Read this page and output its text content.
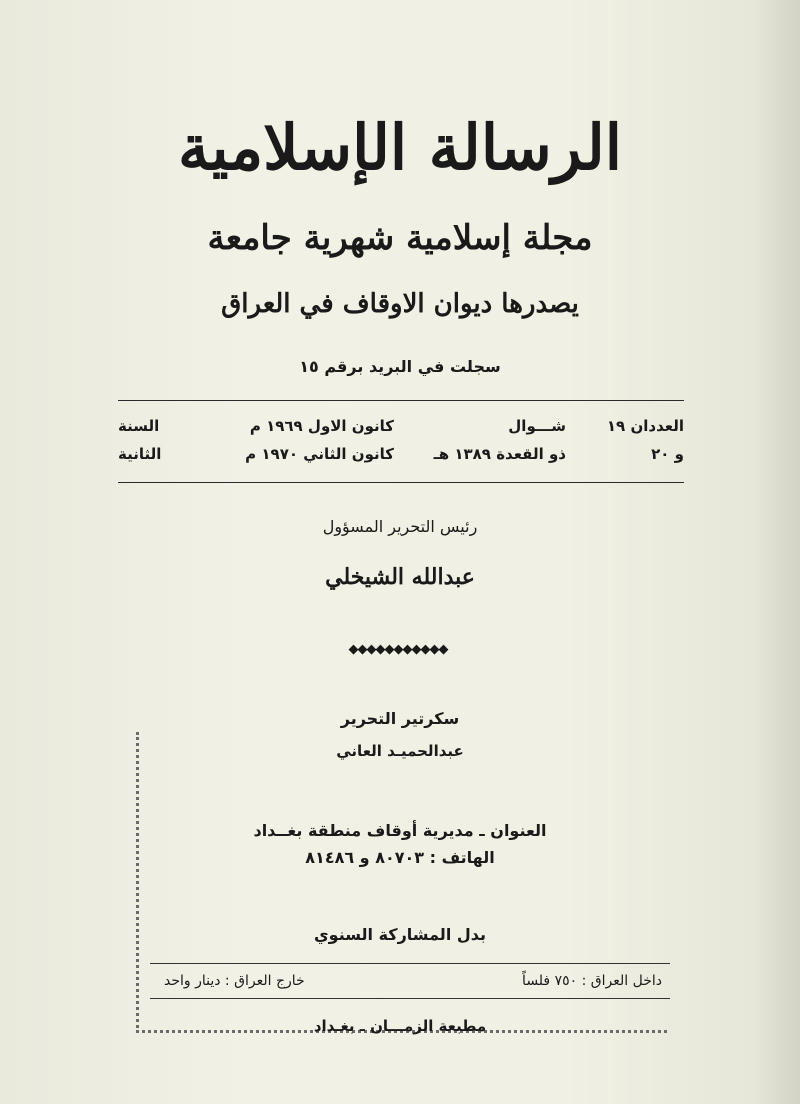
الرسالة الإسلامية
مجلة إسلامية شهرية جامعة
يصدرها ديوان الاوقاف في العراق
سجلت في البريد برقم ١٥
العددان ١٩
شـــوال
كانون الاول ١٩٦٩ م
السنة
و ٢٠
ذو القعدة ١٣٨٩ هـ
كانون الثاني ١٩٧٠ م
الثانية
رئيس التحرير المسؤول
عبدالله الشيخلي
◆◆◆◆◆◆◆◆◆◆◆
سكرتير التحرير
عبدالحميـد العاني
العنوان ـ مديرية أوقاف منطقة بغــداد
الهاتف : ٨٠٧٠٣ و ٨١٤٨٦
بدل المشاركة السنوي
داخل العراق : ٧٥٠ فلساً
خارج العراق : دينار واحد
مطبعة الزمـــان ـ بغـداد
